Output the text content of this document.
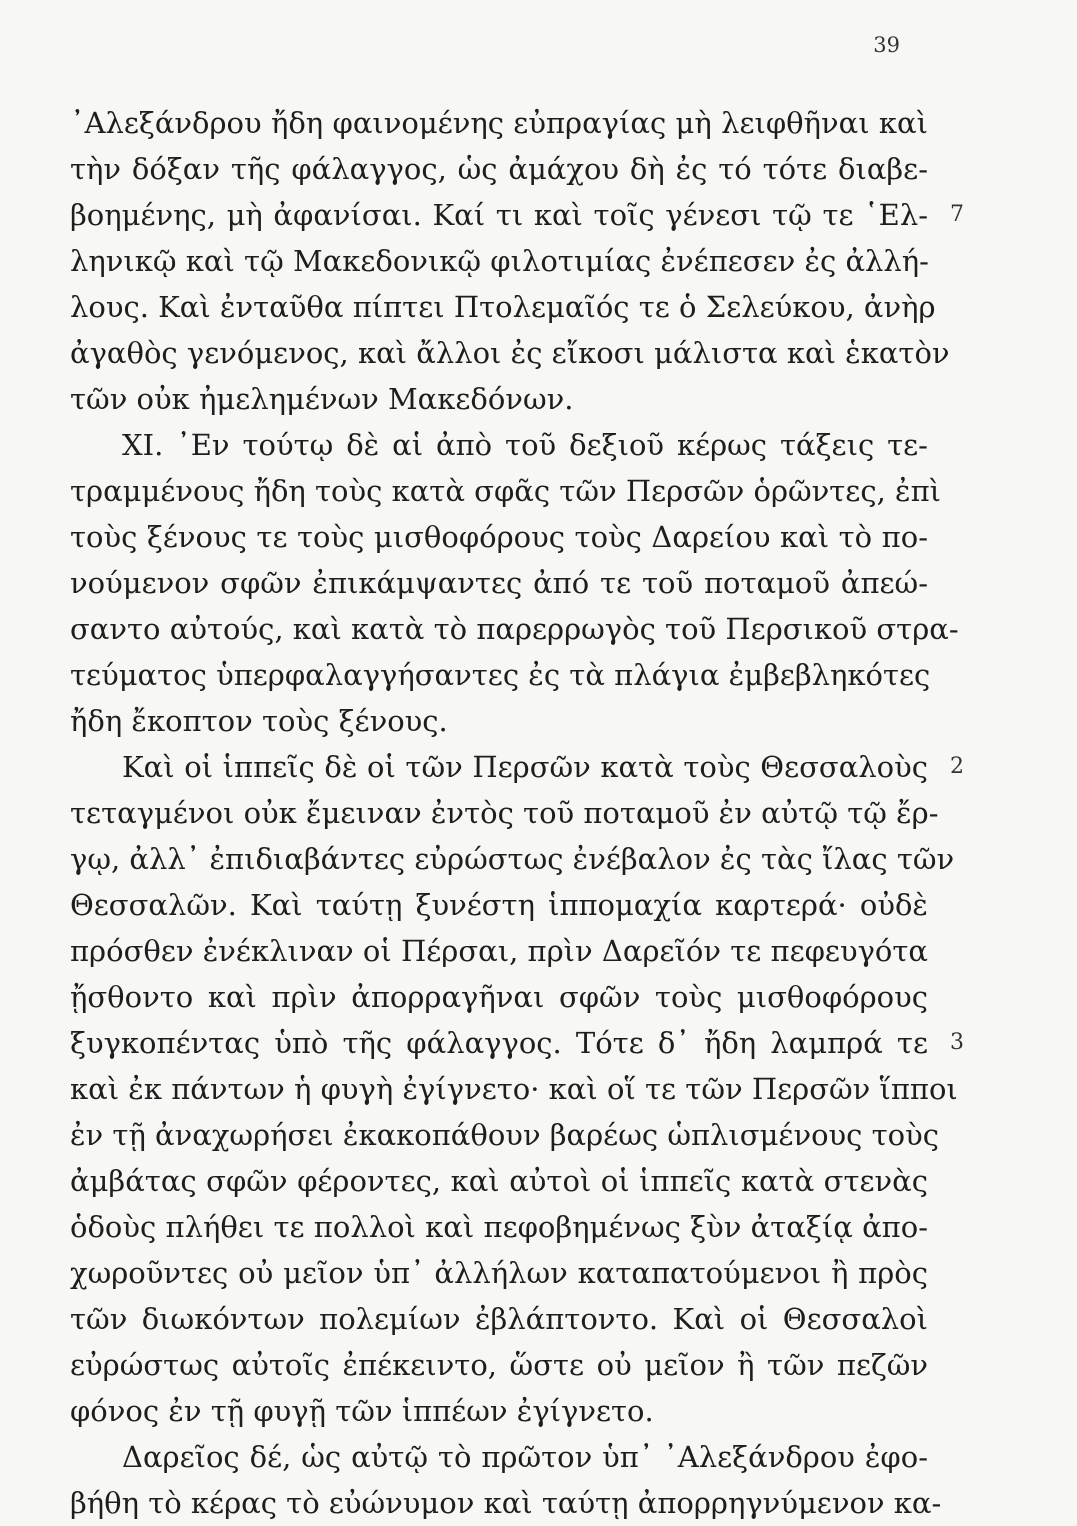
39
᾿Αλεξάνδρου ἤδη φαινομένης εὐπραγίας μὴ λειφθῆναι καὶ
τὴν δόξαν τῆς φάλαγγος, ὡς ἀμάχου δὴ ἐς τό τότε διαβε-
βοημένης, μὴ ἀφανίσαι. Καί τι καὶ τοῖς γένεσι τῷ τε ῾Ελ-
ληνικῷ καὶ τῷ Μακεδονικῷ φιλοτιμίας ἐνέπεσεν ἐς ἀλλή-
λους. Καὶ ἐνταῦθα πίπτει Πτολεμαῖός τε ὁ Σελεύκου, ἀνὴρ
ἀγαθὸς γενόμενος, καὶ ἄλλοι ἐς εἴκοσι μάλιστα καὶ ἑκατὸν
τῶν οὐκ ἠμελημένων Μακεδόνων.
XI. ᾿Εν τούτῳ δὲ αἱ ἀπὸ τοῦ δεξιοῦ κέρως τάξεις τε-
τραμμένους ἤδη τοὺς κατὰ σφᾶς τῶν Περσῶν ὁρῶντες, ἐπὶ
τοὺς ξένους τε τοὺς μισθοφόρους τοὺς Δαρείου καὶ τὸ πο-
νούμενον σφῶν ἐπικάμψαντες ἀπό τε τοῦ ποταμοῦ ἀπεώ-
σαντο αὐτούς, καὶ κατὰ τὸ παρερρωγὸς τοῦ Περσικοῦ στρα-
τεύματος ὑπερφαλαγγήσαντες ἐς τὰ πλάγια ἐμβεβληκότες
ἤδη ἔκοπτον τοὺς ξένους.
Καὶ οἱ ἱππεῖς δὲ οἱ τῶν Περσῶν κατὰ τοὺς Θεσσαλοὺς
τεταγμένοι οὐκ ἔμειναν ἐντὸς τοῦ ποταμοῦ ἐν αὐτῷ τῷ ἔρ-
γῳ, ἀλλ᾿ ἐπιδιαβάντες εὐρώστως ἐνέβαλον ἐς τὰς ἴλας τῶν
Θεσσαλῶν. Καὶ ταύτῃ ξυνέστη ἱππομαχία καρτερά· οὐδὲ
πρόσθεν ἐνέκλιναν οἱ Πέρσαι, πρὶν Δαρεῖόν τε πεφευγότα
ᾔσθοντο καὶ πρὶν ἀπορραγῆναι σφῶν τοὺς μισθοφόρους
ξυγκοπέντας ὑπὸ τῆς φάλαγγος. Τότε δ᾿ ἤδη λαμπρά τε
καὶ ἐκ πάντων ἡ φυγὴ ἐγίγνετο· καὶ οἵ τε τῶν Περσῶν ἵπποι
ἐν τῇ ἀναχωρήσει ἐκακοπάθουν βαρέως ὡπλισμένους τοὺς
ἀμβάτας σφῶν φέροντες, καὶ αὐτοὶ οἱ ἱππεῖς κατὰ στενὰς
ὁδοὺς πλήθει τε πολλοὶ καὶ πεφοβημένως ξὺν ἀταξίᾳ ἀπο-
χωροῦντες οὐ μεῖον ὑπ᾿ ἀλλήλων καταπατούμενοι ἢ πρὸς
τῶν διωκόντων πολεμίων ἐβλάπτοντο. Καὶ οἱ Θεσσαλοὶ
εὐρώστως αὐτοῖς ἐπέκειντο, ὥστε οὐ μεῖον ἢ τῶν πεζῶν
φόνος ἐν τῇ φυγῇ τῶν ἱππέων ἐγίγνετο.
Δαρεῖος δέ, ὡς αὐτῷ τὸ πρῶτον ὑπ᾿ ᾿Αλεξάνδρου ἐφο-
βήθη τὸ κέρας τὸ εὐώνυμον καὶ ταύτῃ ἀπορρηγνύμενον κα-
7
2
3
